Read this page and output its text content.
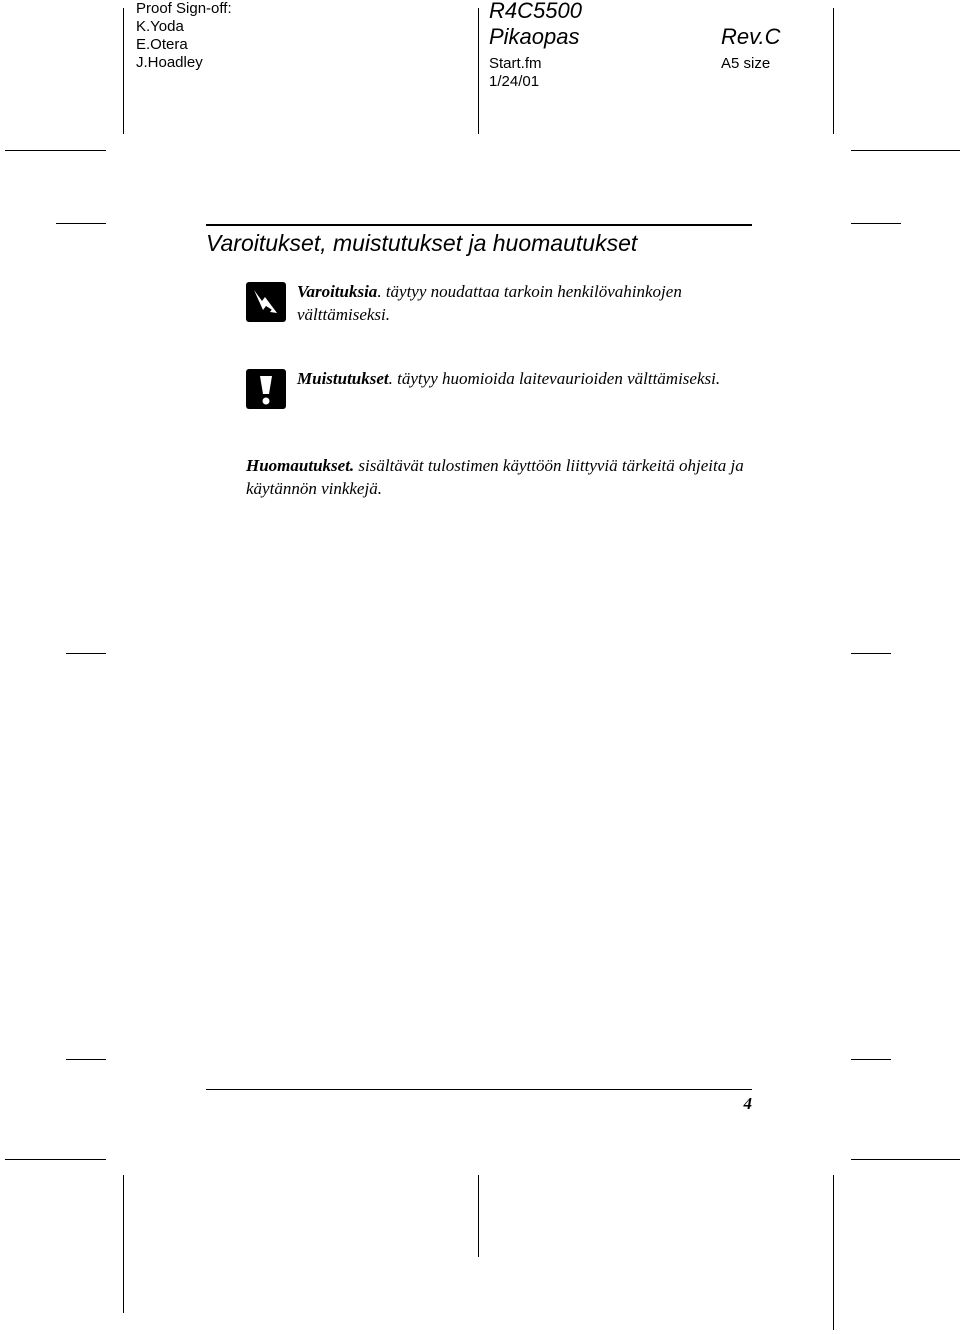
Proof Sign-off:
K.Yoda
E.Otera
J.Hoadley
R4C5500
Pikaopas
Start.fm
1/24/01
Rev.C
A5 size
Varoitukset, muistutukset ja huomautukset
Varoituksia. täytyy noudattaa tarkoin henkilövahinkojen välttämiseksi.
Muistutukset. täytyy huomioida laitevaurioiden välttämiseksi.
Huomautukset. sisältävät tulostimen käyttöön liittyviä tärkeitä ohjeita ja käytännön vinkkejä.
4
